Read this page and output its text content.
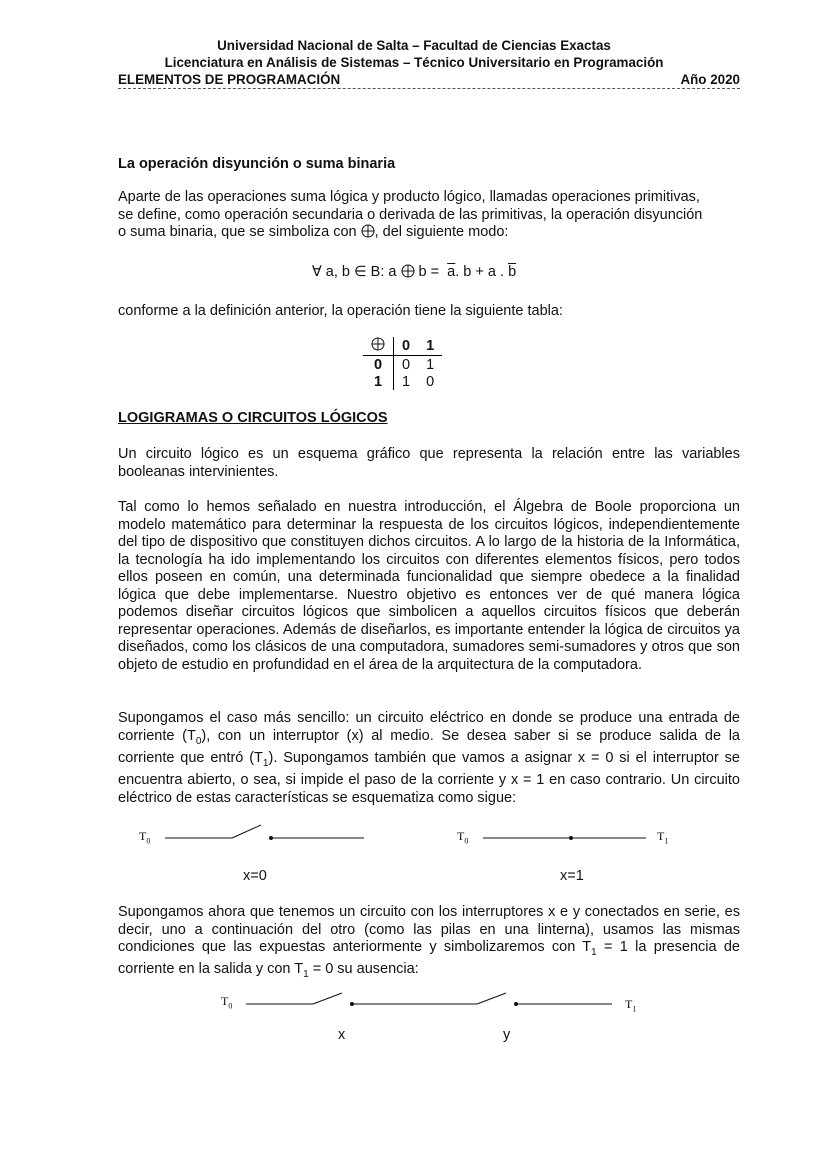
Universidad Nacional de Salta – Facultad de Ciencias Exactas
Licenciatura en Análisis de Sistemas – Técnico Universitario en Programación
ELEMENTOS DE PROGRAMACIÓN	Año 2020
La operación disyunción o suma binaria

Aparte de las operaciones suma lógica y producto lógico, llamadas operaciones primitivas,
se define, como operación secundaria o derivada de las primitivas, la operación disyunción
o suma binaria, que se simboliza con , del siguiente modo:

∀ a, b ∈ B: a $b = \overline{a}$. b + a . $\overline{b}$

conforme a la definición anterior, la operación tiene la siguiente tabla:

	0	1
0	0	1
1	1	0
LOGIGRAMAS O CIRCUITOS LÓGICOS

Un circuito lógico es un esquema gráfico que representa la relación entre las variables booleanas intervinientes.

Tal como lo hemos señalado en nuestra introducción, el Álgebra de Boole proporciona un modelo matemático para determinar la respuesta de los circuitos lógicos, independientemente del tipo de dispositivo que constituyen dichos circuitos. A lo largo de la historia de la Informática, la tecnología ha ido implementando los circuitos con diferentes elementos físicos, pero todos ellos poseen en común, una determinada funcionalidad que siempre obedece a la finalidad lógica que debe implementarse. Nuestro objetivo es entonces ver de qué manera lógica podemos diseñar circuitos lógicos que simbolicen a aquellos circuitos físicos que deberán representar operaciones. Además de diseñarlos, es importante entender la lógica de circuitos ya diseñados, como los clásicos de una computadora, sumadores semi-sumadores y otros que son objeto de estudio en profundidad en el área de la arquitectura de la computadora.

Supongamos el caso más sencillo: un circuito eléctrico en donde se produce una entrada de corriente $(T_0)$, con un interruptor (x) al medio. Se desea saber si se produce salida de la corriente que entró $(T_1)$. Supongamos también que vamos a asignar x = 0 si el interruptor se encuentra abierto, o sea, si impide el paso de la corriente y x = 1 en caso contrario. Un circuito eléctrico de estas características se esquematiza como sigue:

$T_0$
x=0
$T_0$	$T_1$
x=1

Supongamos ahora que tenemos un circuito con los interruptores x e y conectados en serie, es decir, uno a continuación del otro (como las pilas en una linterna), usamos las mismas condiciones que las expuestas anteriormente y simbolizaremos con $T_1 = 1$ la presencia de corriente en la salida y con $T_1 = 0$ su ausencia:

$T_0$	$T_1$
x	y
